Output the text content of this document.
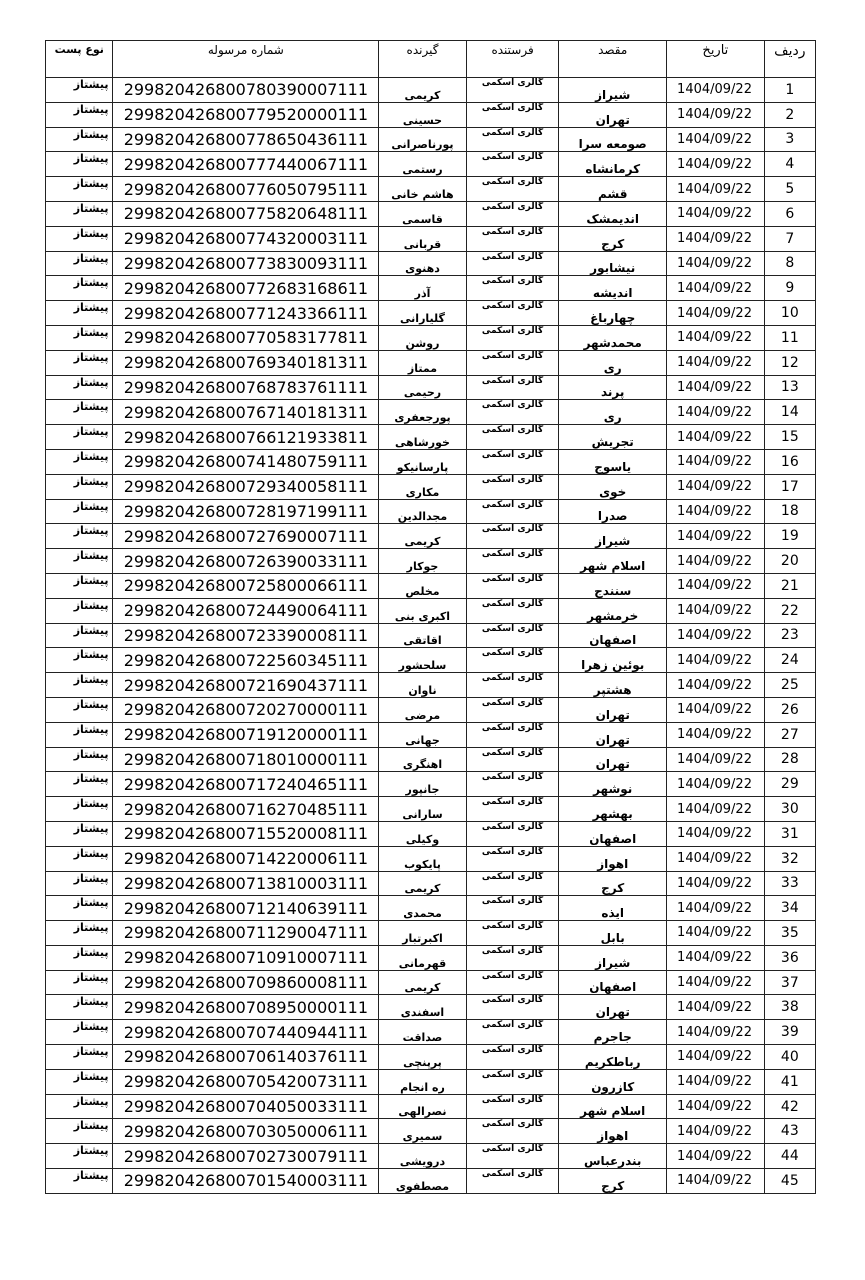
ردیف	تاریخ	مقصد	فرستنده	گیرنده	شماره مرسوله	نوع پست
1	1404/09/22	شیراز	گالری اسکمی	کریمی	299820426800780390007111	پیشتاز
2	1404/09/22	تهران	گالری اسکمی	حسینی	299820426800779520000111	پیشتاز
3	1404/09/22	صومعه سرا	گالری اسکمی	پورناصرانی	299820426800778650436111	پیشتاز
4	1404/09/22	کرمانشاه	گالری اسکمی	رستمی	299820426800777440067111	پیشتاز
5	1404/09/22	قشم	گالری اسکمی	هاشم خانی	299820426800776050795111	پیشتاز
6	1404/09/22	اندیمشک	گالری اسکمی	قاسمی	299820426800775820648111	پیشتاز
7	1404/09/22	کرج	گالری اسکمی	قربانی	299820426800774320003111	پیشتاز
8	1404/09/22	نیشابور	گالری اسکمی	دهنوی	299820426800773830093111	پیشتاز
9	1404/09/22	اندیشه	گالری اسکمی	آذر	299820426800772683168611	پیشتاز
10	1404/09/22	چهارباغ	گالری اسکمی	گلیارانی	299820426800771243366111	پیشتاز
11	1404/09/22	محمدشهر	گالری اسکمی	روشن	299820426800770583177811	پیشتاز
12	1404/09/22	ری	گالری اسکمی	ممتاز	299820426800769340181311	پیشتاز
13	1404/09/22	پرند	گالری اسکمی	رحیمی	299820426800768783761111	پیشتاز
14	1404/09/22	ری	گالری اسکمی	پورجعفری	299820426800767140181311	پیشتاز
15	1404/09/22	تجریش	گالری اسکمی	خورشاهی	299820426800766121933811	پیشتاز
16	1404/09/22	یاسوج	گالری اسکمی	پارسانیکو	299820426800741480759111	پیشتاز
17	1404/09/22	خوی	گالری اسکمی	مکاری	299820426800729340058111	پیشتاز
18	1404/09/22	صدرا	گالری اسکمی	مجدالدین	299820426800728197199111	پیشتاز
19	1404/09/22	شیراز	گالری اسکمی	کریمی	299820426800727690007111	پیشتاز
20	1404/09/22	اسلام شهر	گالری اسکمی	جوکار	299820426800726390033111	پیشتاز
21	1404/09/22	سنندج	گالری اسکمی	مخلص	299820426800725800066111	پیشتاز
22	1404/09/22	خرمشهر	گالری اسکمی	اکبری بنی	299820426800724490064111	پیشتاز
23	1404/09/22	اصفهان	گالری اسکمی	اقاتقی	299820426800723390008111	پیشتاز
24	1404/09/22	بوئین زهرا	گالری اسکمی	سلحشور	299820426800722560345111	پیشتاز
25	1404/09/22	هشتپر	گالری اسکمی	ناوان	299820426800721690437111	پیشتاز
26	1404/09/22	تهران	گالری اسکمی	مرضی	299820426800720270000111	پیشتاز
27	1404/09/22	تهران	گالری اسکمی	جهانی	299820426800719120000111	پیشتاز
28	1404/09/22	تهران	گالری اسکمی	اهنگری	299820426800718010000111	پیشتاز
29	1404/09/22	نوشهر	گالری اسکمی	جانپور	299820426800717240465111	پیشتاز
30	1404/09/22	بهشهر	گالری اسکمی	سارانی	299820426800716270485111	پیشتاز
31	1404/09/22	اصفهان	گالری اسکمی	وکیلی	299820426800715520008111	پیشتاز
32	1404/09/22	اهواز	گالری اسکمی	پایکوب	299820426800714220006111	پیشتاز
33	1404/09/22	کرج	گالری اسکمی	کریمی	299820426800713810003111	پیشتاز
34	1404/09/22	ایذه	گالری اسکمی	محمدی	299820426800712140639111	پیشتاز
35	1404/09/22	بابل	گالری اسکمی	اکبرتبار	299820426800711290047111	پیشتاز
36	1404/09/22	شیراز	گالری اسکمی	قهرمانی	299820426800710910007111	پیشتاز
37	1404/09/22	اصفهان	گالری اسکمی	کریمی	299820426800709860008111	پیشتاز
38	1404/09/22	تهران	گالری اسکمی	اسفندی	299820426800708950000111	پیشتاز
39	1404/09/22	جاجرم	گالری اسکمی	صداقت	299820426800707440944111	پیشتاز
40	1404/09/22	رباطکریم	گالری اسکمی	پرپنچی	299820426800706140376111	پیشتاز
41	1404/09/22	کازرون	گالری اسکمی	ره انجام	299820426800705420073111	پیشتاز
42	1404/09/22	اسلام شهر	گالری اسکمی	نصرالهی	299820426800704050033111	پیشتاز
43	1404/09/22	اهواز	گالری اسکمی	سمیری	299820426800703050006111	پیشتاز
44	1404/09/22	بندرعباس	گالری اسکمی	درویشی	299820426800702730079111	پیشتاز
45	1404/09/22	کرج	گالری اسکمی	مصطفوی	299820426800701540003111	پیشتاز
